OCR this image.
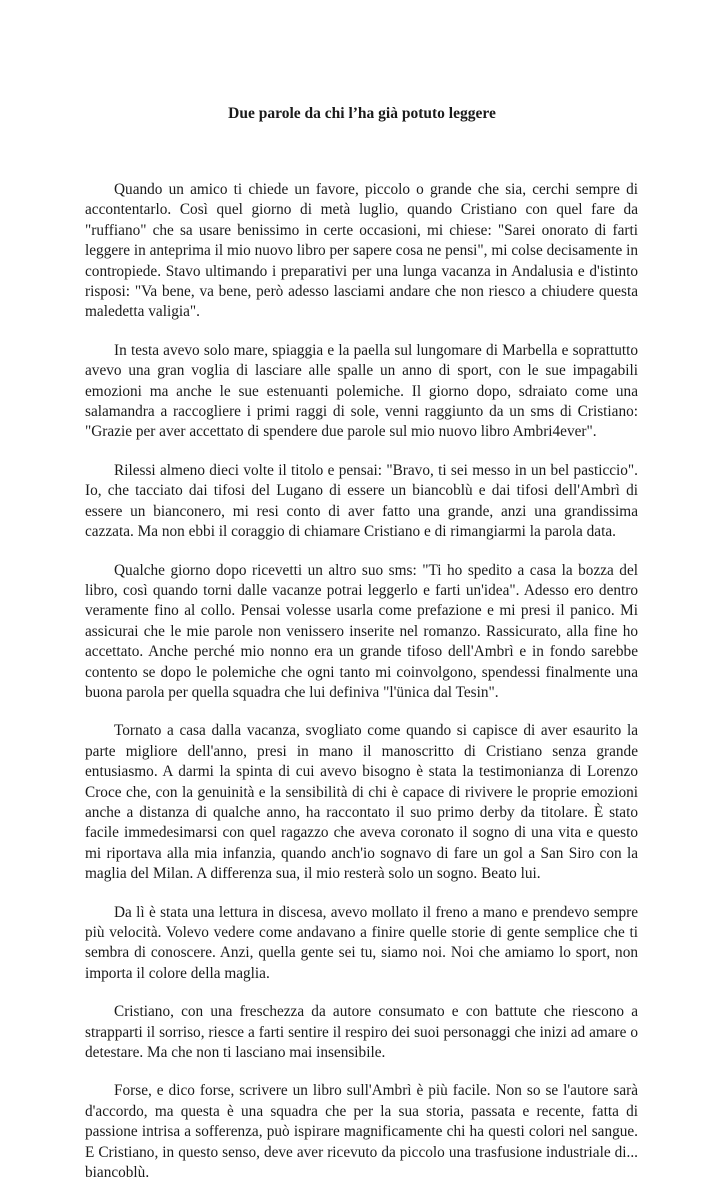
Due parole da chi l’ha già potuto leggere

Quando un amico ti chiede un favore, piccolo o grande che sia, cerchi sempre di accontentarlo. Così quel giorno di metà luglio, quando Cristiano con quel fare da "ruffiano" che sa usare benissimo in certe occasioni, mi chiese: "Sarei onorato di farti leggere in anteprima il mio nuovo libro per sapere cosa ne pensi", mi colse decisamente in contropiede. Stavo ultimando i preparativi per una lunga vacanza in Andalusia e d'istinto risposi: "Va bene, va bene, però adesso lasciami andare che non riesco a chiudere questa maledetta valigia".

In testa avevo solo mare, spiaggia e la paella sul lungomare di Marbella e soprattutto avevo una gran voglia di lasciare alle spalle un anno di sport, con le sue impagabili emozioni ma anche le sue estenuanti polemiche. Il giorno dopo, sdraiato come una salamandra a raccogliere i primi raggi di sole, venni raggiunto da un sms di Cristiano: "Grazie per aver accettato di spendere due parole sul mio nuovo libro Ambri4ever".

Rilessi almeno dieci volte il titolo e pensai: "Bravo, ti sei messo in un bel pasticcio". Io, che tacciato dai tifosi del Lugano di essere un biancoblù e dai tifosi dell'Ambrì di essere un bianconero, mi resi conto di aver fatto una grande, anzi una grandissima cazzata. Ma non ebbi il coraggio di chiamare Cristiano e di rimangiarmi la parola data.

Qualche giorno dopo ricevetti un altro suo sms: "Ti ho spedito a casa la bozza del libro, così quando torni dalle vacanze potrai leggerlo e farti un'idea". Adesso ero dentro veramente fino al collo. Pensai volesse usarla come prefazione e mi presi il panico. Mi assicurai che le mie parole non venissero inserite nel romanzo. Rassicurato, alla fine ho accettato. Anche perché mio nonno era un grande tifoso dell'Ambrì e in fondo sarebbe contento se dopo le polemiche che ogni tanto mi coinvolgono, spendessi finalmente una buona parola per quella squadra che lui definiva "l'ünica dal Tesin".

Tornato a casa dalla vacanza, svogliato come quando si capisce di aver esaurito la parte migliore dell'anno, presi in mano il manoscritto di Cristiano senza grande entusiasmo. A darmi la spinta di cui avevo bisogno è stata la testimonianza di Lorenzo Croce che, con la genuinità e la sensibilità di chi è capace di rivivere le proprie emozioni anche a distanza di qualche anno, ha raccontato il suo primo derby da titolare. È stato facile immedesimarsi con quel ragazzo che aveva coronato il sogno di una vita e questo mi riportava alla mia infanzia, quando anch'io sognavo di fare un gol a San Siro con la maglia del Milan. A differenza sua, il mio resterà solo un sogno. Beato lui.

Da lì è stata una lettura in discesa, avevo mollato il freno a mano e prendevo sempre più velocità. Volevo vedere come andavano a finire quelle storie di gente semplice che ti sembra di conoscere. Anzi, quella gente sei tu, siamo noi. Noi che amiamo lo sport, non importa il colore della maglia.

Cristiano, con una freschezza da autore consumato e con battute che riescono a strapparti il sorriso, riesce a farti sentire il respiro dei suoi personaggi che inizi ad amare o detestare. Ma che non ti lasciano mai insensibile.

Forse, e dico forse, scrivere un libro sull'Ambrì è più facile. Non so se l'autore sarà d'accordo, ma questa è una squadra che per la sua storia, passata e recente, fatta di passione intrisa a sofferenza, può ispirare magnificamente chi ha questi colori nel sangue. E Cristiano, in questo senso, deve aver ricevuto da piccolo una trasfusione industriale di... biancoblù.
